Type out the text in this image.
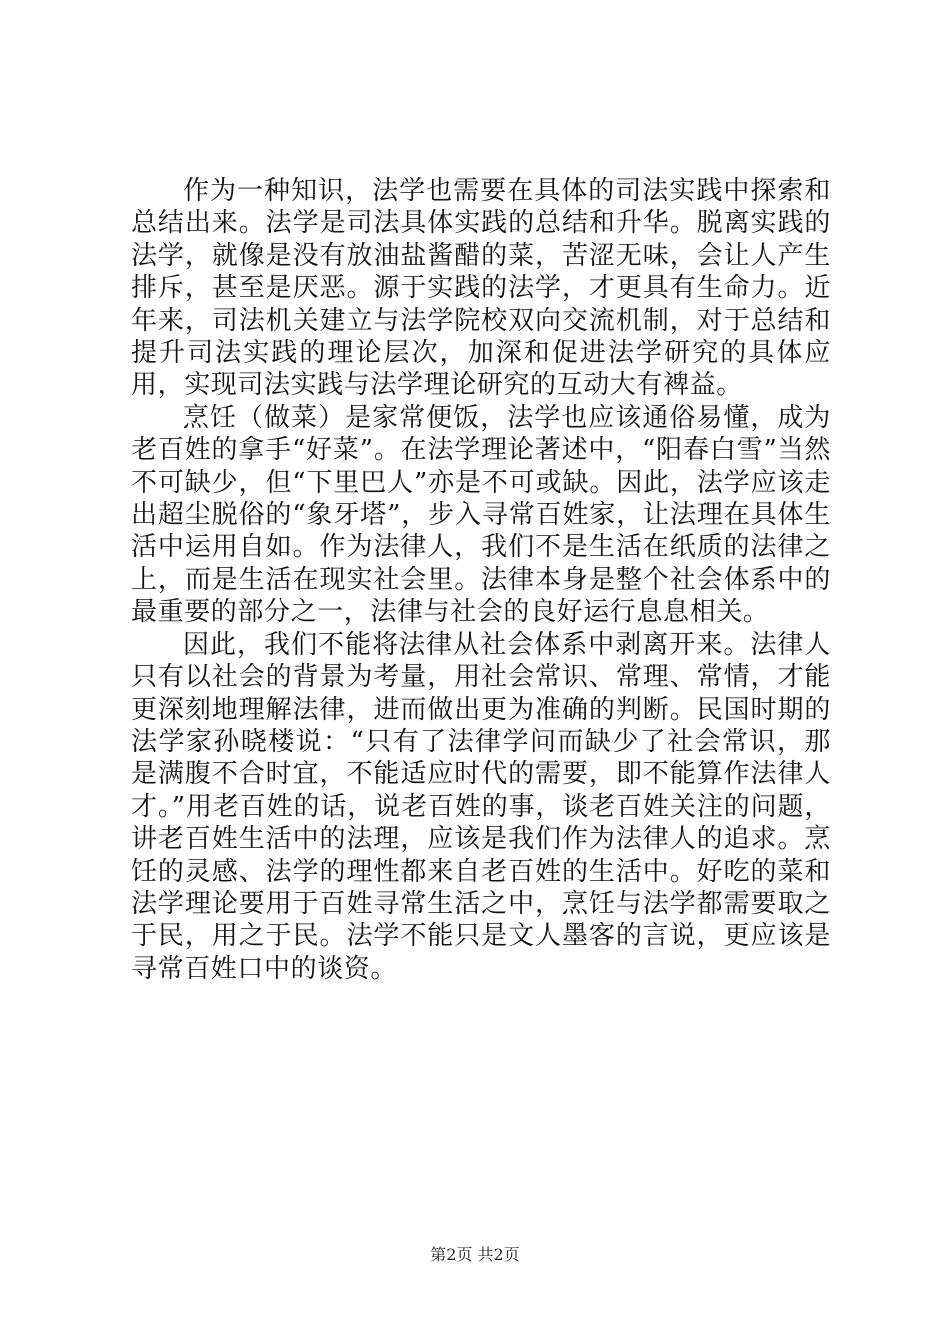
作为一种知识，法学也需要在具体的司法实践中探索和总结出来。法学是司法具体实践的总结和升华。脱离实践的法学，就像是没有放油盐酱醋的菜，苦涩无味，会让人产生排斥，甚至是厌恶。源于实践的法学，才更具有生命力。近年来，司法机关建立与法学院校双向交流机制，对于总结和提升司法实践的理论层次，加深和促进法学研究的具体应用，实现司法实践与法学理论研究的互动大有裨益。

烹饪（做菜）是家常便饭，法学也应该通俗易懂，成为老百姓的拿手“好菜”。在法学理论著述中，“阳春白雪”当然不可缺少，但“下里巴人”亦是不可或缺。因此，法学应该走出超尘脱俗的“象牙塔”，步入寻常百姓家，让法理在具体生活中运用自如。作为法律人，我们不是生活在纸质的法律之上，而是生活在现实社会里。法律本身是整个社会体系中的最重要的部分之一，法律与社会的良好运行息息相关。

因此，我们不能将法律从社会体系中剥离开来。法律人只有以社会的背景为考量，用社会常识、常理、常情，才能更深刻地理解法律，进而做出更为准确的判断。民国时期的法学家孙晓楼说：“只有了法律学问而缺少了社会常识，那是满腹不合时宜，不能适应时代的需要，即不能算作法律人才。”用老百姓的话，说老百姓的事，谈老百姓关注的问题，讲老百姓生活中的法理，应该是我们作为法律人的追求。烹饪的灵感、法学的理性都来自老百姓的生活中。好吃的菜和法学理论要用于百姓寻常生活之中，烹饪与法学都需要取之于民，用之于民。法学不能只是文人墨客的言说，更应该是寻常百姓口中的谈资。

第2页 共2页
